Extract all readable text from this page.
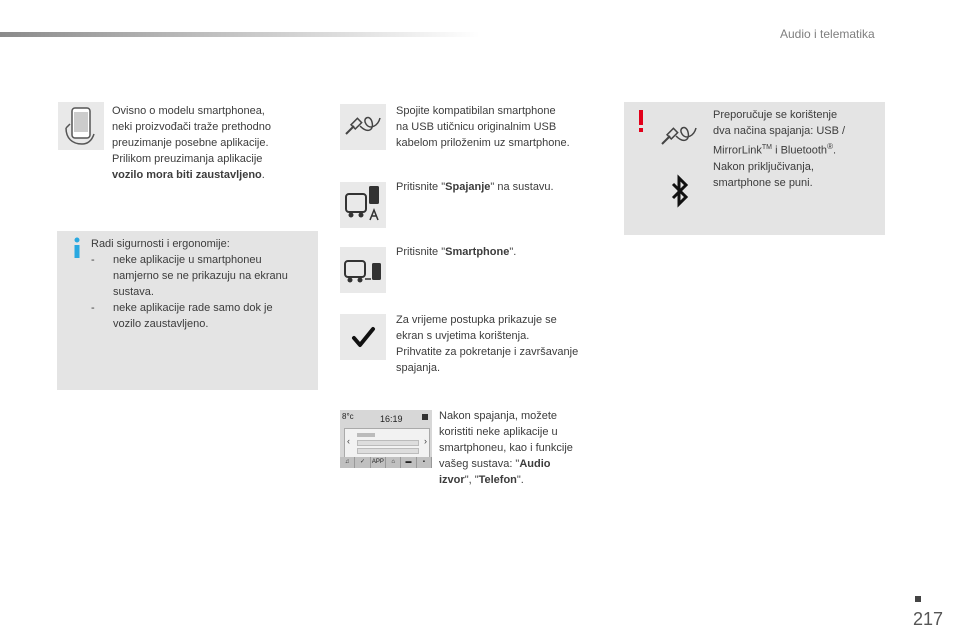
Audio i telematika
Ovisno o modelu smartphonea,
neki proizvođači traže prethodno
preuzimanje posebne aplikacije.
Prilikom preuzimanja aplikacije
vozilo mora biti zaustavljeno.
Radi sigurnosti i ergonomije:
- neke aplikacije u smartphoneu
namjerno se ne prikazuju na ekranu
sustava.
- neke aplikacije rade samo dok je
vozilo zaustavljeno.
Spojite kompatibilan smartphone
na USB utičnicu originalnim USB
kabelom priloženim uz smartphone.
Pritisnite "Spajanje" na sustavu.
Pritisnite "Smartphone".
Za vrijeme postupka prikazuje se
ekran s uvjetima korištenja.
Prihvatite za pokretanje i završavanje
spajanja.
8°c	16:19
‹	›
♫	✓	APP	⌂	▬	▪
Nakon spajanja, možete
koristiti neke aplikacije u
smartphoneu, kao i funkcije
vašeg sustava: "Audio
izvor", "Telefon".
Preporučuje se korištenje
dva načina spajanja: USB /
MirrorLink™ i Bluetooth®.
Nakon priključivanja,
smartphone se puni.
217
